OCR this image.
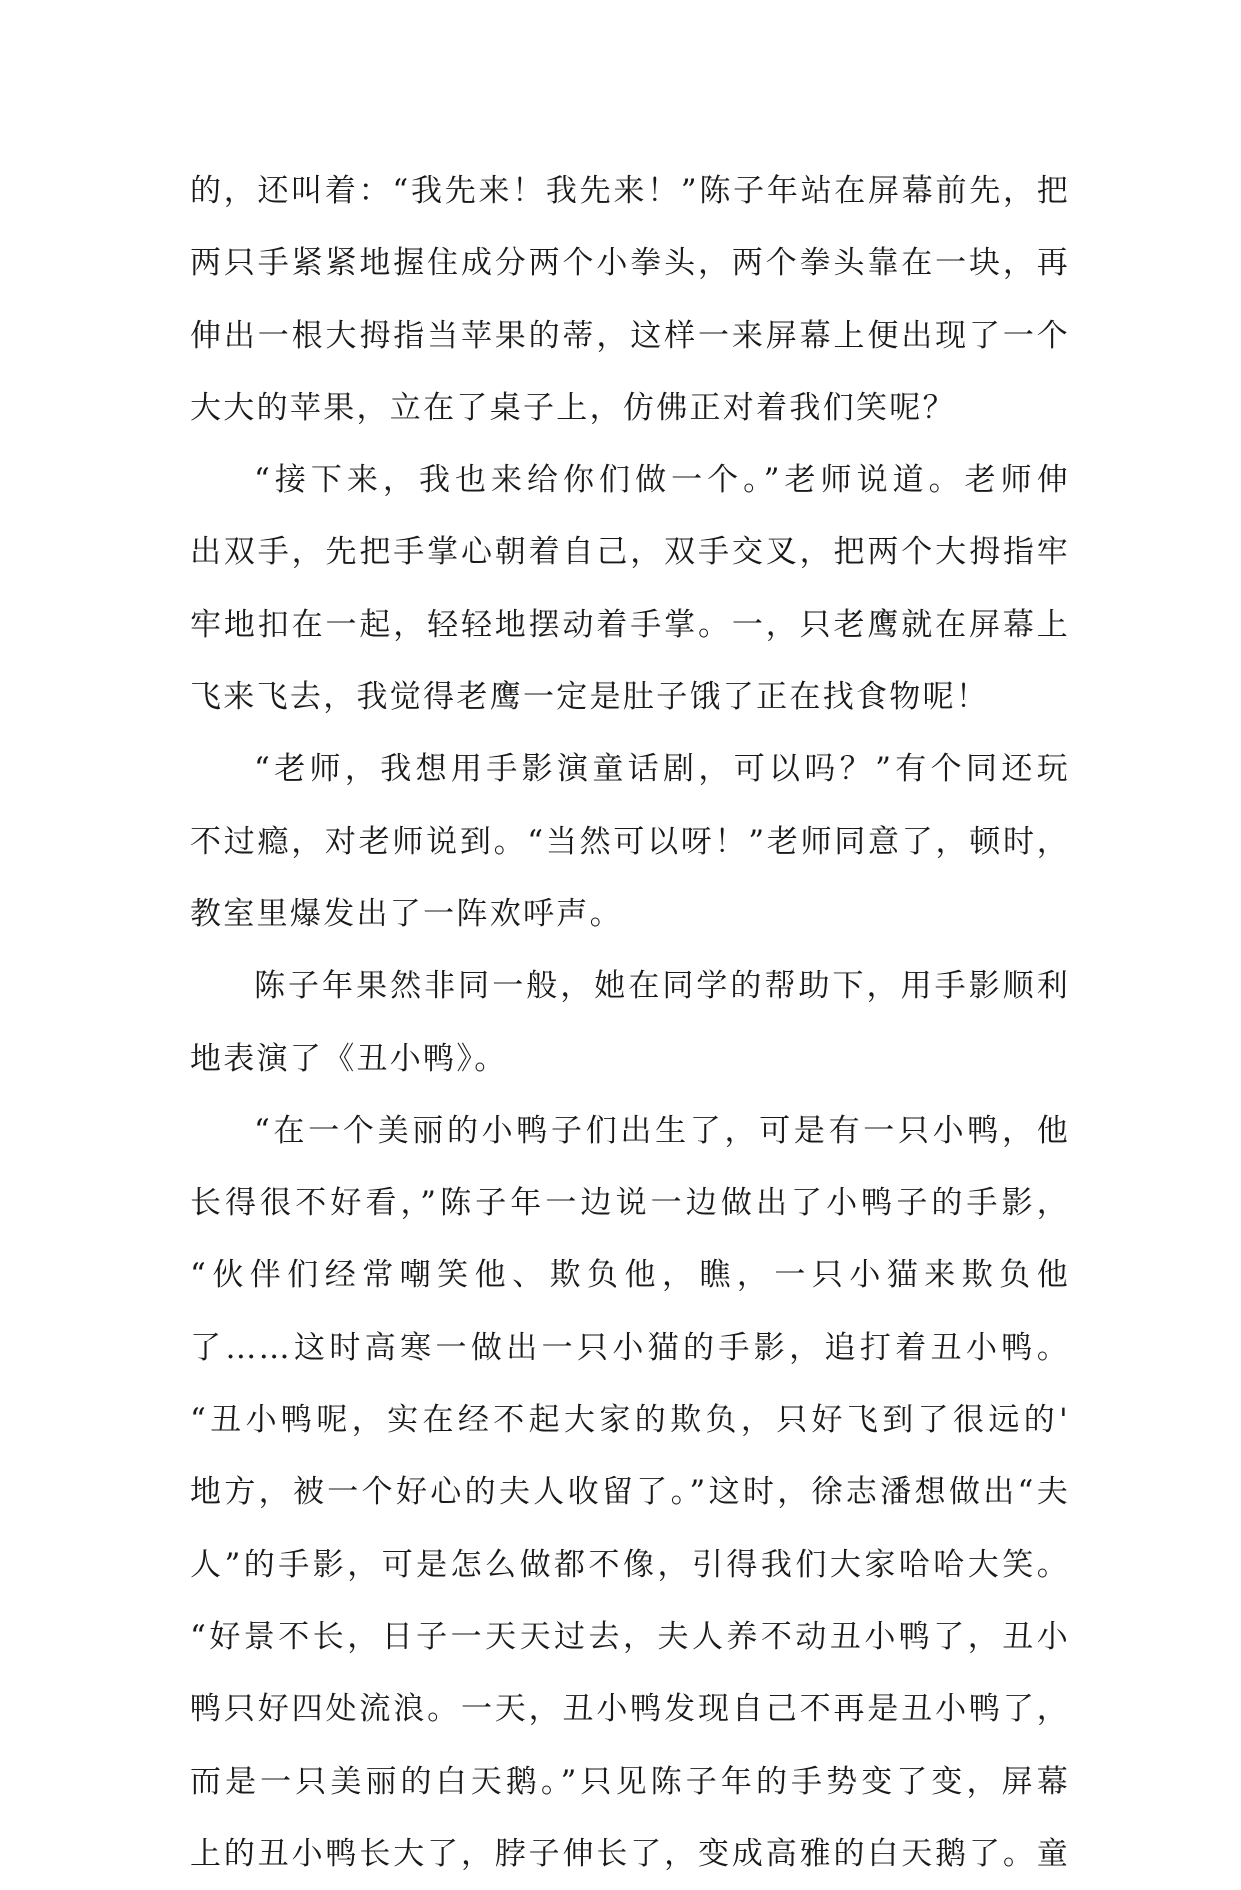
的，还叫着：“我先来！我先来！”陈子年站在屏幕前先，把
两只手紧紧地握住成分两个小拳头，两个拳头靠在一块，再
伸出一根大拇指当苹果的蒂，这样一来屏幕上便出现了一个
大大的苹果，立在了桌子上，仿佛正对着我们笑呢？
“接下来，我也来给你们做一个。”老师说道。老师伸
出双手，先把手掌心朝着自己，双手交叉，把两个大拇指牢
牢地扣在一起，轻轻地摆动着手掌。一，只老鹰就在屏幕上
飞来飞去，我觉得老鹰一定是肚子饿了正在找食物呢！
“老师，我想用手影演童话剧，可以吗？”有个同还玩
不过瘾，对老师说到。“当然可以呀！”老师同意了，顿时，
教室里爆发出了一阵欢呼声。
陈子年果然非同一般，她在同学的帮助下，用手影顺利
地表演了《丑小鸭》。
“在一个美丽的小鸭子们出生了，可是有一只小鸭，他
长得很不好看，”陈子年一边说一边做出了小鸭子的手影，
“伙伴们经常嘲笑他、欺负他，瞧，一只小猫来欺负他
了……这时高寒一做出一只小猫的手影，追打着丑小鸭。
“丑小鸭呢，实在经不起大家的欺负，只好飞到了很远的'
地方，被一个好心的夫人收留了。”这时，徐志潘想做出“夫
人”的手影，可是怎么做都不像，引得我们大家哈哈大笑。
“好景不长，日子一天天过去，夫人养不动丑小鸭了，丑小
鸭只好四处流浪。一天，丑小鸭发现自己不再是丑小鸭了，
而是一只美丽的白天鹅。”只见陈子年的手势变了变，屏幕
上的丑小鸭长大了，脖子伸长了，变成高雅的白天鹅了。童
